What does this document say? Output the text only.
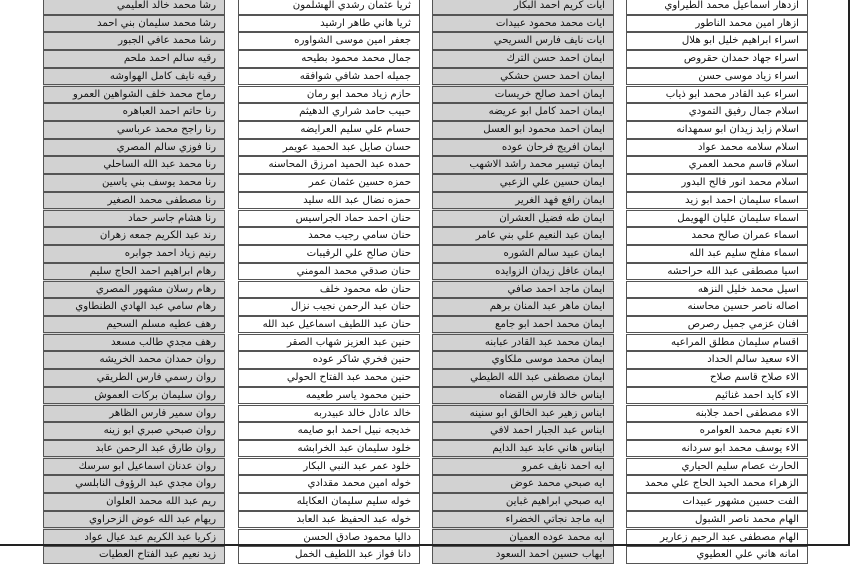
ازدهار اسماعيل محمد الطيراوي
ازهار امين محمد الناطور
اسراء ابراهيم خليل ابو هلال
اسراء جهاد حمدان حقروص
اسراء زياد موسى حسن
اسراء عبد القادر محمد ابو ذياب
اسلام جمال رفيق التمودي
اسلام زايد زيدان ابو سمهدانه
اسلام سلامه محمد عواد
اسلام قاسم محمد العمري
اسلام محمد انور فالح البدور
اسماء سليمان احمد ابو زيد
اسماء سليمان عليان الهويمل
اسماء عمران صالح محمد
اسماء مفلح سليم عبد الله
اسيا مصطفى عبد الله حراحشه
اسيل محمد خليل النزهه
اصاله ناصر حسين محاسنه
افنان عزمي جميل رصرص
اقسام سليمان مطلق المراعيه
الاء سعيد سالم الحداد
الاء صلاح قاسم صلاح
الاء كايد احمد غنائيم
الاء مصطفى احمد جلابنه
الاء نعيم محمد العوامره
الاء يوسف محمد ابو سردانه
الحارث عصام سليم الحياري
الزهراء محمد الحيد الحاج علي محمد
الفت حسين مشهور عبيدات
الهام محمد ناصر الشبول
الهام مصطفى عبد الرحيم زعارير
امانه هاني علي العطيوي
ايات كريم احمد البكار
ايات محمد محمود عبيدات
ايات نايف فارس السريحي
ايمان احمد حسن الترك
ايمان احمد حسن حشكي
ايمان احمد صالح خريسات
ايمان احمد كامل ابو عريضه
ايمان احمد محمود ابو العسل
ايمان افريج فرحان عوده
ايمان تيسير محمد راشد الاشهب
ايمان حسين علي الزعبي
ايمان رافع فهد الغرير
ايمان طه فضيل العشران
ايمان عبد النعيم علي بني عامر
ايمان عبيد سالم الشوره
ايمان عافل زيدان الزوايده
ايمان ماجد احمد صافي
ايمان ماهر عبد المنان برهم
ايمان محمد احمد ابو جامع
ايمان محمد عبد القادر عبابنه
ايمان محمد موسى ملكاوي
ايمان مصطفى عبد الله الطيطي
ايناس خالد فارس القضاه
ايناس زهير عبد الخالق ابو سنينه
ايناس عبد الجبار احمد لافي
ايناس هاني عابد عبد الدايم
ايه احمد نايف عمرو
ايه صبحي محمد عوض
ايه صبحي ابراهيم غباين
ايه ماجد نجاتي الخضراء
ايه محمد عوده العميان
ايهاب حسين احمد السعود
ثريا عثمان رشدي الهشلمون
ثريا هاني طاهر ارشيد
جعفر امين موسى الشواوره
جمال محمد محمود بطيحه
جميله احمد شافي شوافقه
حازم زياد محمد ابو رمان
حبيب حامد شراري الدهيثم
حسام علي سليم العرايضه
حسان صايل عبد الحميد عويمر
حمده عبد الحميد امرزق المحاسنه
حمزه حسين عثمان عمر
حمزه نضال عبد الله سليد
حنان احمد حماد الجراسيس
حنان سامي رجيب محمد
حنان صالح علي الرقيبات
حنان صدقي محمد المومني
حنان طه محمود خلف
حنان عبد الرحمن نجيب نزال
حنان عبد اللطيف اسماعيل عبد الله
حنين عبد العزيز شهاب الصقر
حنين فخري شاكر عوده
حنين محمد عبد الفتاح الحولي
حنين محمود ياسر طعيمه
خالد عادل خالد عبيدربه
خديجه نبيل احمد ابو صايمه
خلود سليمان عبد الخرابشه
خلود عمر عبد النبي البكار
خوله امين محمد مقدادي
خوله سليم سليمان العكايله
خوله عبد الحفيظ عبد العابد
داليا محمود صادق الحسن
دانا فواز عبد اللطيف الخمل
رشا محمد خالد العليمي
رشا محمد سليمان بني احمد
رشا محمد عافي الجبور
رقيه سالم احمد ملحم
رقيه نايف كامل الهواوشه
رماح محمد خلف الشواهين العمرو
رنا حاتم احمد العباهره
رنا راجح محمد عرباسي
رنا فوزي سالم المصري
رنا محمد عبد الله الساحلي
رنا محمد يوسف بني ياسين
رنا مصطفى محمد الصغير
رنا هشام جاسر حماد
رند عبد الكريم جمعه زهران
رنيم زياد احمد جوابره
رهام ابراهيم احمد الحاج سليم
رهام رسلان مشهور المصري
رهام سامي عبد الهادي الطنطاوي
رهف عطيه مسلم السحيم
رهف مجدي طالب مسعد
روان حمدان محمد الخريشه
روان رسمي فارس الطريقي
روان سليمان بركات العموش
روان سمير فارس الظاهر
روان صبحي صبري ابو زينه
روان طارق عبد الرحمن عابد
روان عدنان اسماعيل ابو سرسك
روان مجدي عبد الرؤوف النابلسي
ريم عبد الله محمد العلوان
ريهام عبد الله عوض الزحراوي
زكريا عبد الكريم عبد عيال عواد
زيد نعيم عبد الفتاح العطيات
